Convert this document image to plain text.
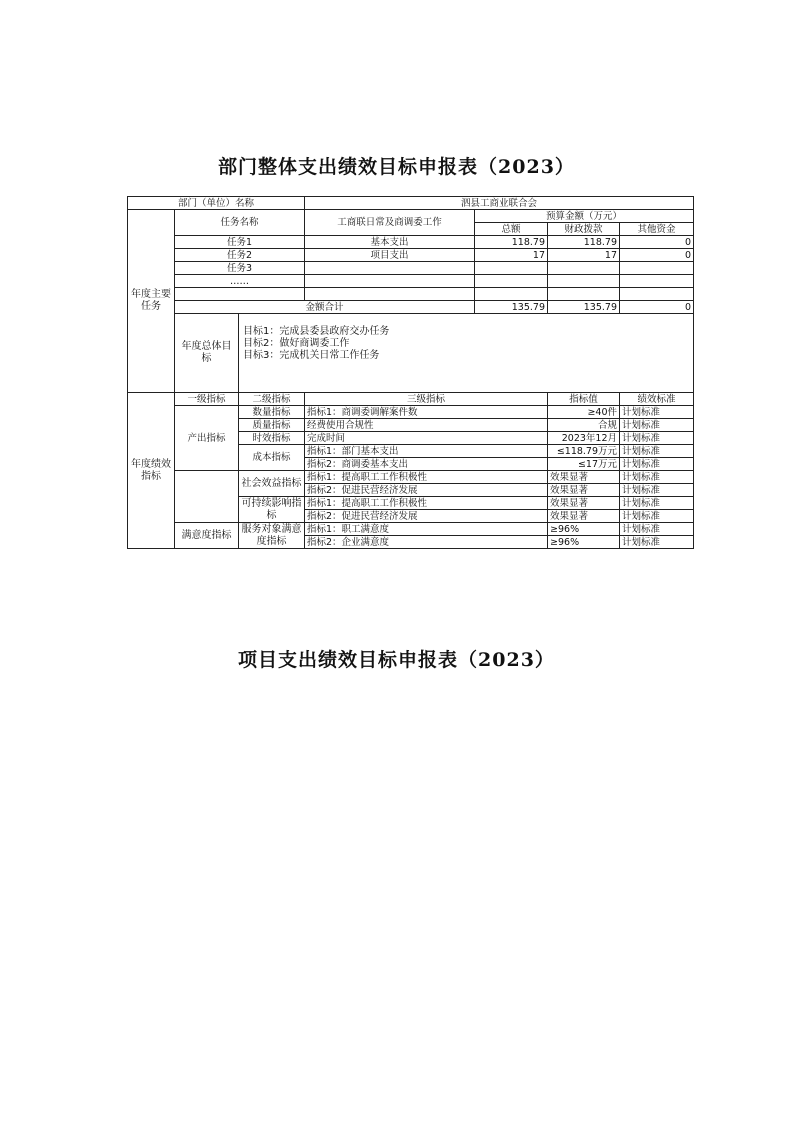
部门整体支出绩效目标申报表（2023）
部门（单位）名称			泗县工商业联合会			
年度主要任务	任务名称		工商联日常及商调委工作	预算金额（万元）		
				总额	财政拨款	其他资金
	任务1		基本支出	118.79	118.79	0
	任务2		项目支出	17	17	0
	任务3					
	……					

	金额合计			135.79	135.79	0
	年度总体目标	目标1：完成县委县政府交办任务
目标2：做好商调委工作
目标3：完成机关日常工作任务				

年度绩效指标	一级指标	二级指标	三级指标		指标值	绩效标准
	产出指标	数量指标	指标1：商调委调解案件数		≥40件	计划标准
		质量指标	经费使用合规性		合规	计划标准
		时效指标	完成时间		2023年12月	计划标准
		成本指标	指标1：部门基本支出		≤118.79万元	计划标准
			指标2：商调委基本支出		≤17万元	计划标准
		社会效益指标	指标1：提高职工工作积极性		效果显著	计划标准
			指标2：促进民营经济发展		效果显著	计划标准
		可持续影响指标	指标1：提高职工工作积极性		效果显著	计划标准
			指标2：促进民营经济发展		效果显著	计划标准
	满意度指标	服务对象满意度指标	指标1：职工满意度		≥96%	计划标准
			指标2：企业满意度		≥96%	计划标准
项目支出绩效目标申报表（2023）
